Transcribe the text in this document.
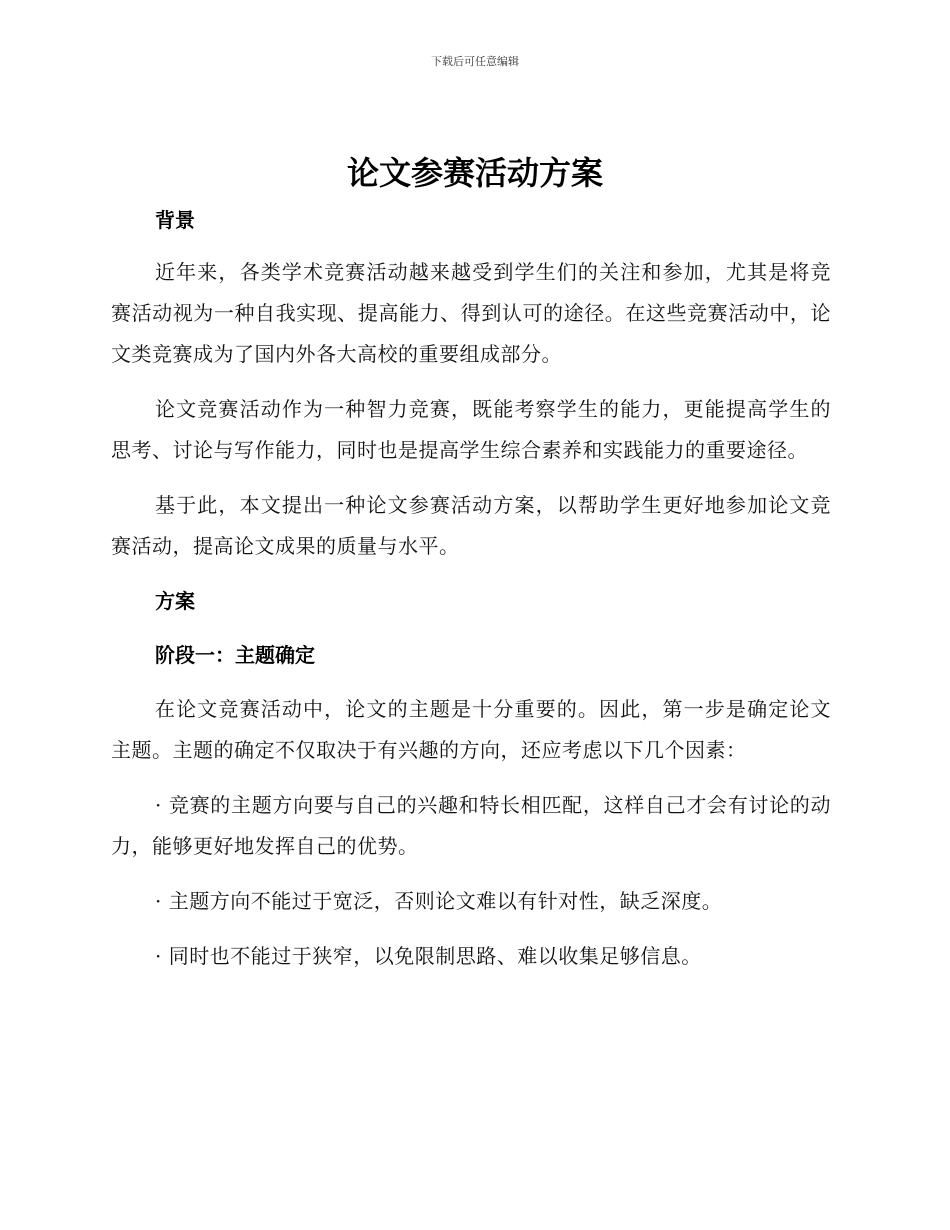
下载后可任意编辑
论文参赛活动方案
背景

近年来，各类学术竞赛活动越来越受到学生们的关注和参加，尤其是将竞赛活动视为一种自我实现、提高能力、得到认可的途径。在这些竞赛活动中，论文类竞赛成为了国内外各大高校的重要组成部分。

论文竞赛活动作为一种智力竞赛，既能考察学生的能力，更能提高学生的思考、讨论与写作能力，同时也是提高学生综合素养和实践能力的重要途径。

基于此，本文提出一种论文参赛活动方案，以帮助学生更好地参加论文竞赛活动，提高论文成果的质量与水平。

方案
阶段一：主题确定

在论文竞赛活动中，论文的主题是十分重要的。因此，第一步是确定论文主题。主题的确定不仅取决于有兴趣的方向，还应考虑以下几个因素：

· 竞赛的主题方向要与自己的兴趣和特长相匹配，这样自己才会有讨论的动力，能够更好地发挥自己的优势。

· 主题方向不能过于宽泛，否则论文难以有针对性，缺乏深度。

· 同时也不能过于狭窄，以免限制思路、难以收集足够信息。
